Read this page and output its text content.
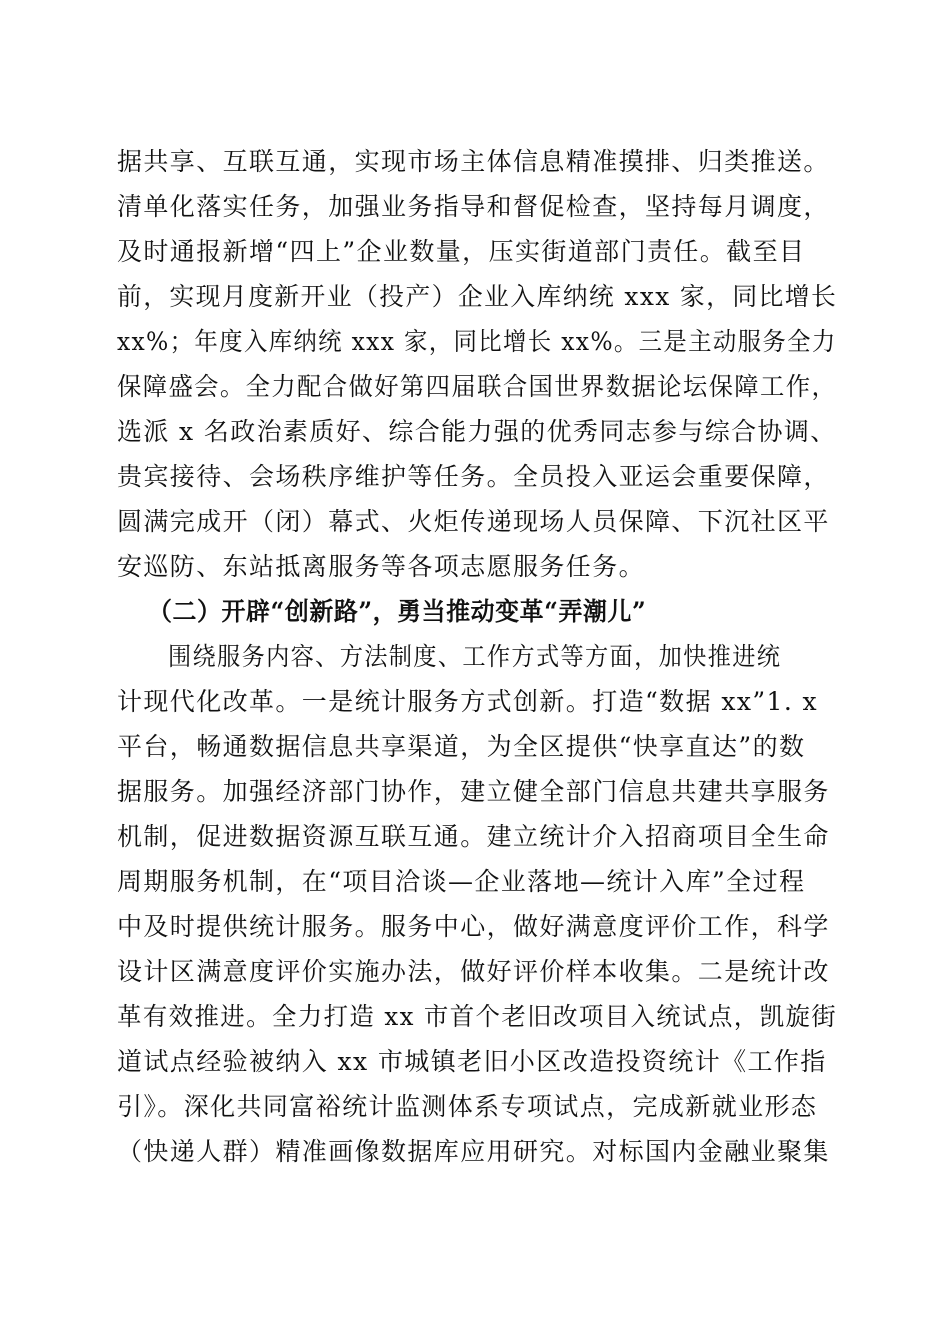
据共享、互联互通，实现市场主体信息精准摸排、归类推送。
清单化落实任务，加强业务指导和督促检查，坚持每月调度，
及时通报新增“四上”企业数量，压实街道部门责任。截至目
前，实现月度新开业（投产）企业入库纳统 xxx 家，同比增长
xx%；年度入库纳统 xxx 家，同比增长 xx%。三是主动服务全力
保障盛会。全力配合做好第四届联合国世界数据论坛保障工作，
选派 x 名政治素质好、综合能力强的优秀同志参与综合协调、
贵宾接待、会场秩序维护等任务。全员投入亚运会重要保障，
圆满完成开（闭）幕式、火炬传递现场人员保障、下沉社区平
安巡防、东站抵离服务等各项志愿服务任务。
（二）开辟“创新路”，勇当推动变革“弄潮儿”
围绕服务内容、方法制度、工作方式等方面，加快推进统
计现代化改革。一是统计服务方式创新。打造“数据 xx”1. x
平台，畅通数据信息共享渠道，为全区提供“快享直达”的数
据服务。加强经济部门协作，建立健全部门信息共建共享服务
机制，促进数据资源互联互通。建立统计介入招商项目全生命
周期服务机制，在“项目洽谈—企业落地—统计入库”全过程
中及时提供统计服务。服务中心，做好满意度评价工作，科学
设计区满意度评价实施办法，做好评价样本收集。二是统计改
革有效推进。全力打造 xx 市首个老旧改项目入统试点，凯旋街
道试点经验被纳入 xx 市城镇老旧小区改造投资统计《工作指
引》。深化共同富裕统计监测体系专项试点，完成新就业形态
（快递人群）精准画像数据库应用研究。对标国内金融业聚集
